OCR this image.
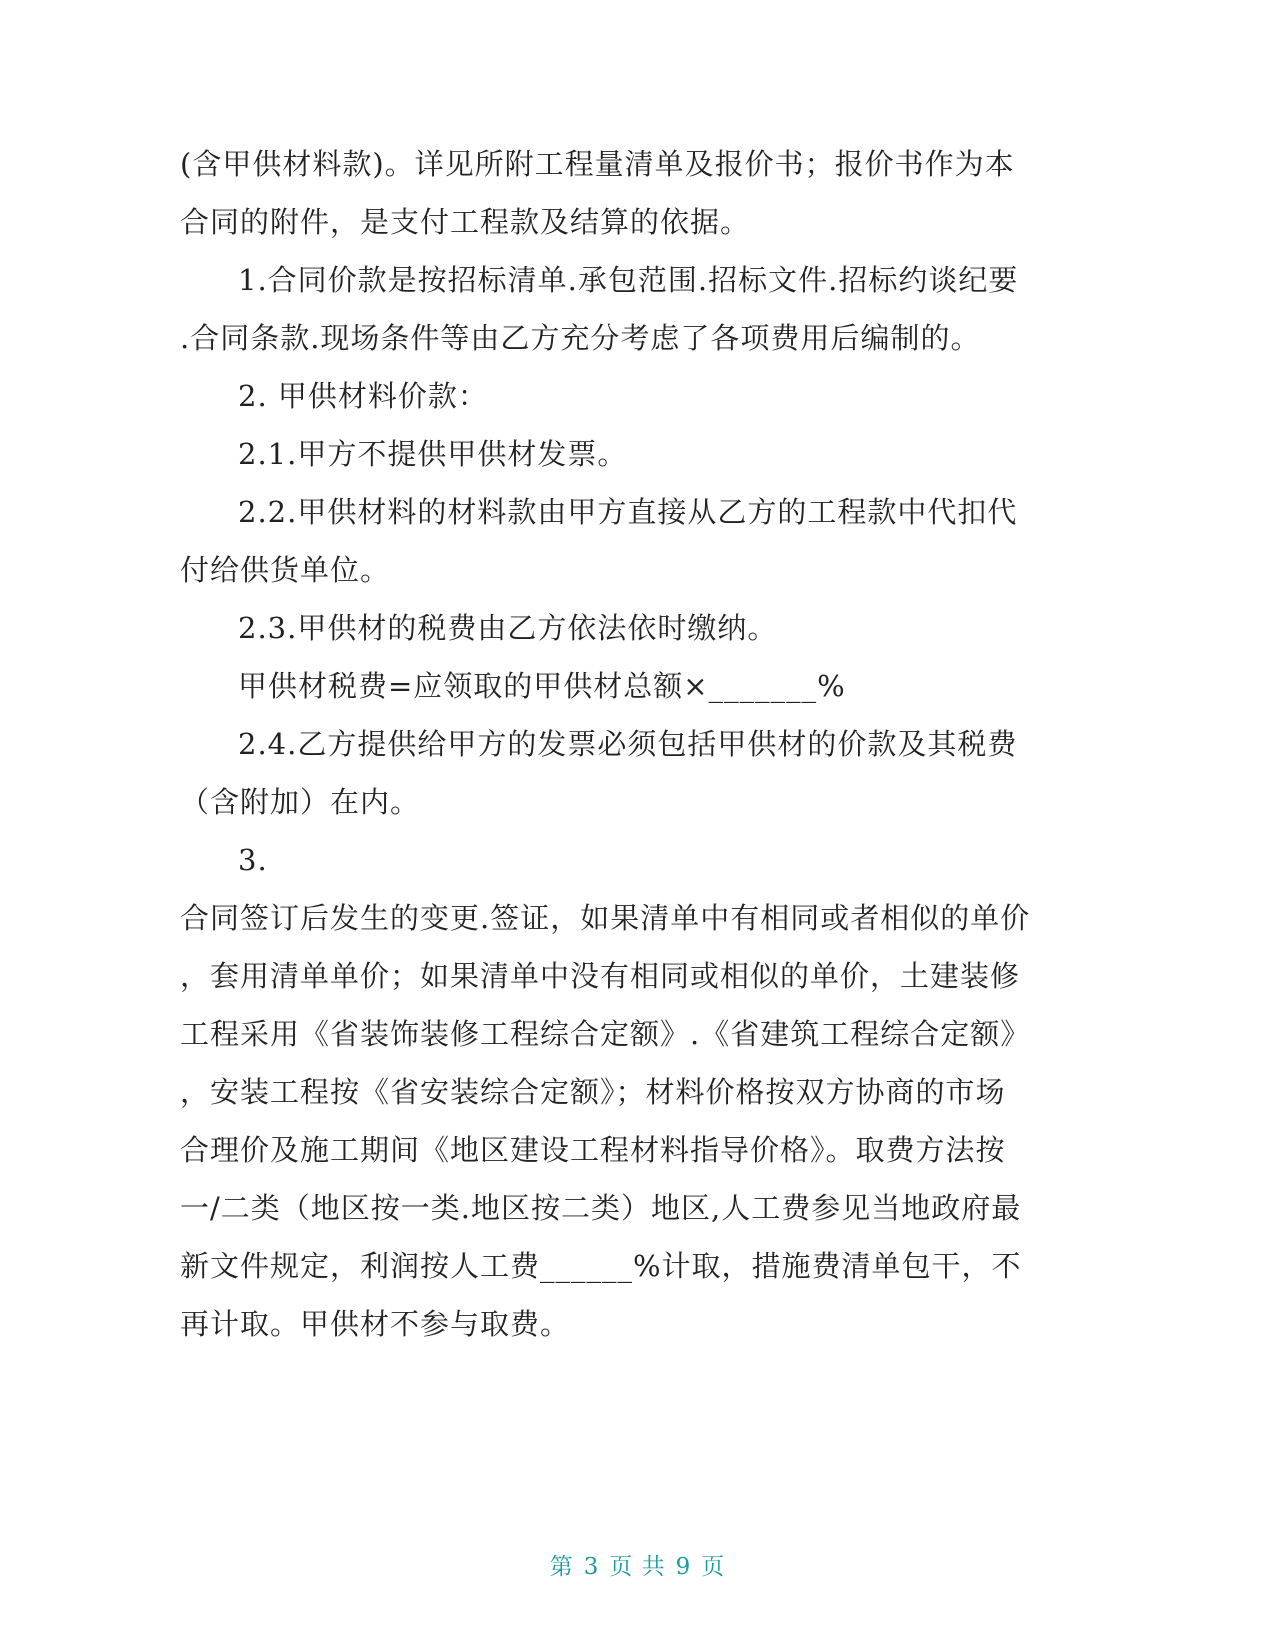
(含甲供材料款)。详见所附工程量清单及报价书；报价书作为本
合同的附件，是支付工程款及结算的依据。
1.合同价款是按招标清单.承包范围.招标文件.招标约谈纪要
.合同条款.现场条件等由乙方充分考虑了各项费用后编制的。
2. 甲供材料价款：
2.1.甲方不提供甲供材发票。
2.2.甲供材料的材料款由甲方直接从乙方的工程款中代扣代
付给供货单位。
2.3.甲供材的税费由乙方依法依时缴纳。
甲供材税费=应领取的甲供材总额×_______%
2.4.乙方提供给甲方的发票必须包括甲供材的价款及其税费
（含附加）在内。
3.
合同签订后发生的变更.签证，如果清单中有相同或者相似的单价
，套用清单单价；如果清单中没有相同或相似的单价，土建装修
工程采用《省装饰装修工程综合定额》.《省建筑工程综合定额》
，安装工程按《省安装综合定额》；材料价格按双方协商的市场
合理价及施工期间《地区建设工程材料指导价格》。取费方法按
一/二类（地区按一类.地区按二类）地区,人工费参见当地政府最
新文件规定，利润按人工费______%计取，措施费清单包干，不
再计取。甲供材不参与取费。
第 3 页 共 9 页
